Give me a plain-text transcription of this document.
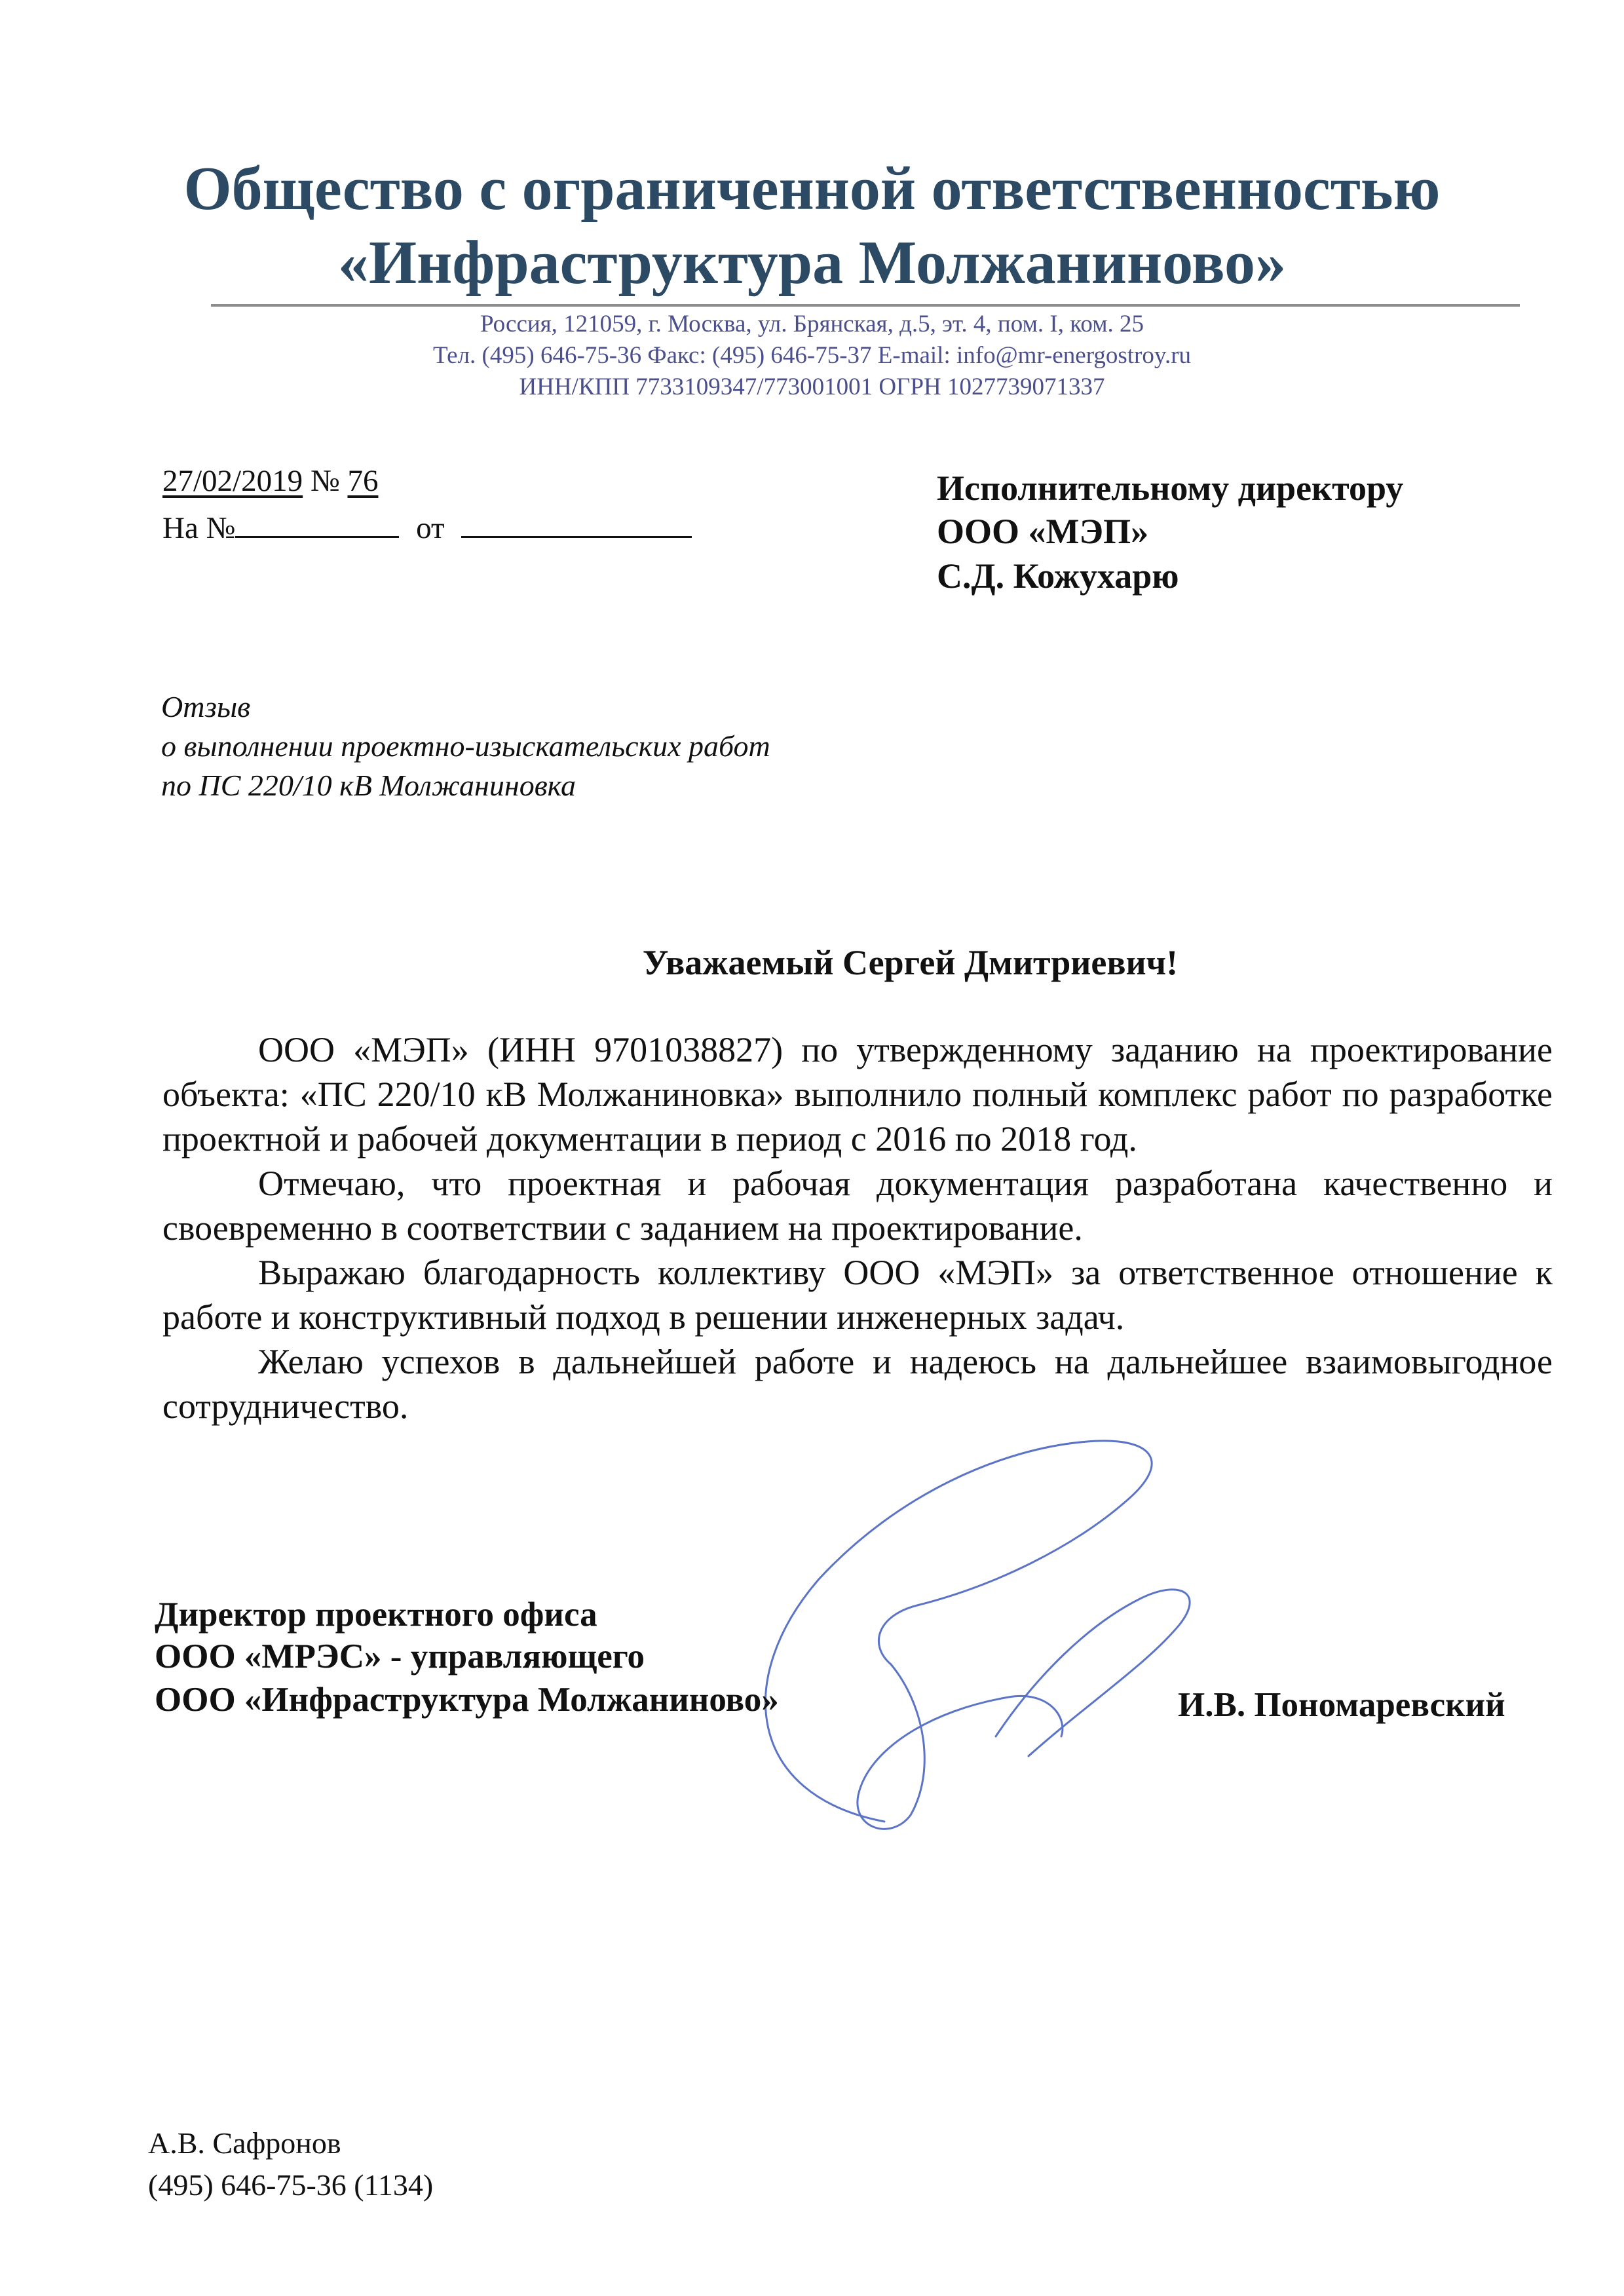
Общество с ограниченной ответственностью
«Инфраструктура Молжаниново»
Россия, 121059, г. Москва, ул. Брянская, д.5, эт. 4, пом. I, ком. 25
Тел. (495) 646-75-36 Факс: (495) 646-75-37 E-mail: info@mr-energostroy.ru
ИНН/КПП 7733109347/773001001 ОГРН 1027739071337
27/02/2019 № 76
На №	от
Исполнительному директору
ООО «МЭП»
С.Д. Кожухарю
Отзыв
о выполнении проектно-изыскательских работ
по ПС 220/10 кВ Молжаниновка
Уважаемый Сергей Дмитриевич!

ООО «МЭП» (ИНН 9701038827) по утвержденному заданию на проектирование объекта: «ПС 220/10 кВ Молжаниновка» выполнило полный комплекс работ по разработке проектной и рабочей документации в период с 2016 по 2018 год.

Отмечаю, что проектная и рабочая документация разработана качественно и своевременно в соответствии с заданием на проектирование.

Выражаю благодарность коллективу ООО «МЭП» за ответственное отношение к работе и конструктивный подход в решении инженерных задач.

Желаю успехов в дальнейшей работе и надеюсь на дальнейшее взаимовыгодное сотрудничество.

Директор проектного офиса
ООО «МРЭС» - управляющего
ООО «Инфраструктура Молжаниново»	И.В. Пономаревский
А.В. Сафронов
(495) 646-75-36 (1134)
